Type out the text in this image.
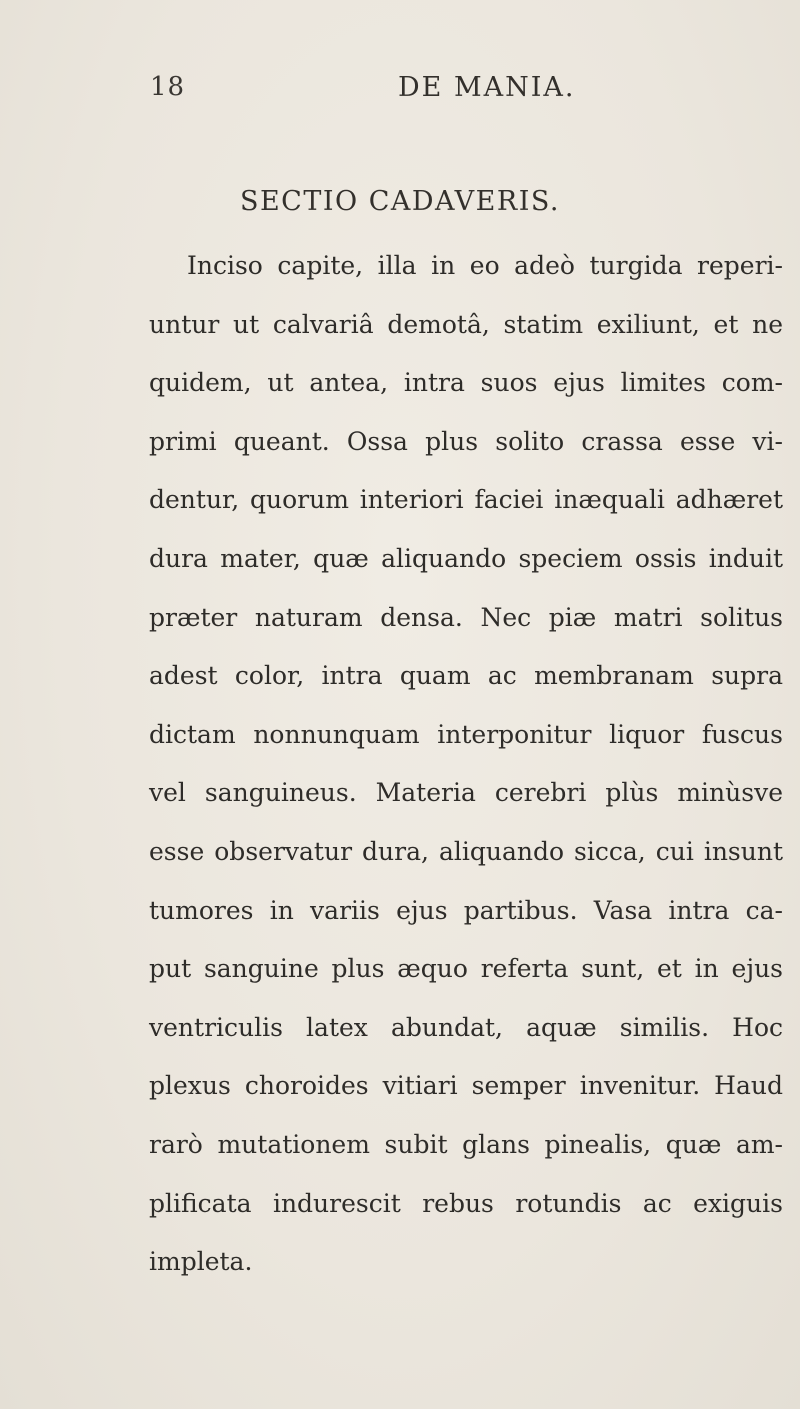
18	DE MANIA.
SECTIO CADAVERIS.
Inciso capite, illa in eo adeò turgida reperi-
untur ut calvariâ demotâ, statim exiliunt, et ne
quidem, ut antea, intra suos ejus limites com-
primi queant. Ossa plus solito crassa esse vi-
dentur, quorum interiori faciei inæquali adhæret
dura mater, quæ aliquando speciem ossis induit
præter naturam densa. Nec piæ matri solitus
adest color, intra quam ac membranam supra
dictam nonnunquam interponitur liquor fuscus
vel sanguineus. Materia cerebri plùs minùsve
esse observatur dura, aliquando sicca, cui insunt
tumores in variis ejus partibus. Vasa intra ca-
put sanguine plus æquo referta sunt, et in ejus
ventriculis latex abundat, aquæ similis. Hoc
plexus choroides vitiari semper invenitur. Haud
rarò mutationem subit glans pinealis, quæ am-
plificata indurescit rebus rotundis ac exiguis
impleta.
